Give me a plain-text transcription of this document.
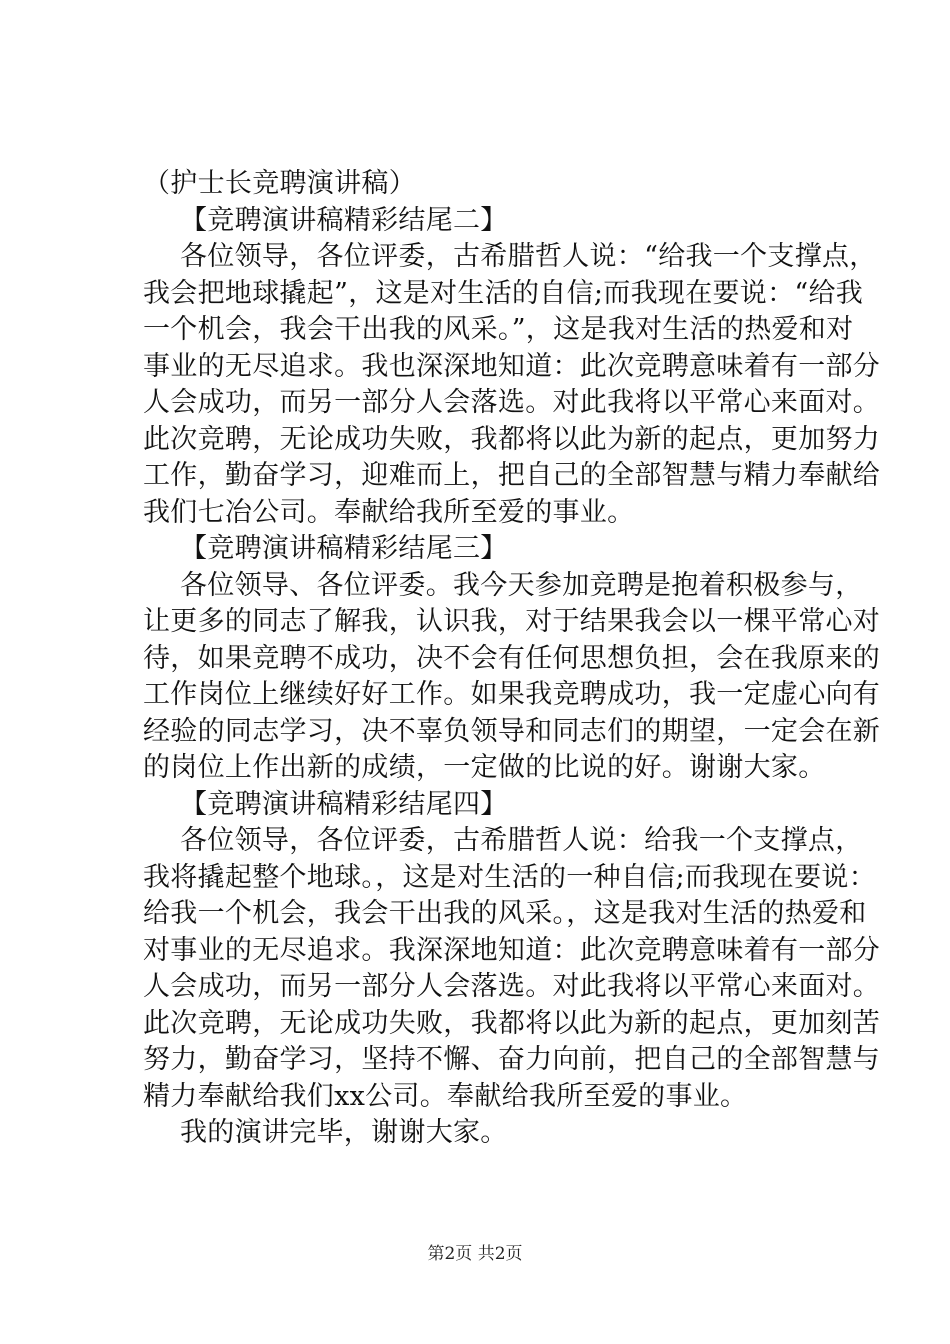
（护士长竞聘演讲稿）
【竞聘演讲稿精彩结尾二】
各位领导，各位评委，古希腊哲人说：“给我一个支撑点，
我会把地球撬起”，这是对生活的自信;而我现在要说：“给我
一个机会，我会干出我的风采。”，这是我对生活的热爱和对
事业的无尽追求。我也深深地知道：此次竞聘意味着有一部分
人会成功，而另一部分人会落选。对此我将以平常心来面对。
此次竞聘，无论成功失败，我都将以此为新的起点，更加努力
工作，勤奋学习，迎难而上，把自己的全部智慧与精力奉献给
我们七冶公司。奉献给我所至爱的事业。
【竞聘演讲稿精彩结尾三】
各位领导、各位评委。我今天参加竞聘是抱着积极参与，
让更多的同志了解我，认识我，对于结果我会以一棵平常心对
待，如果竞聘不成功，决不会有任何思想负担，会在我原来的
工作岗位上继续好好工作。如果我竞聘成功，我一定虚心向有
经验的同志学习，决不辜负领导和同志们的期望，一定会在新
的岗位上作出新的成绩，一定做的比说的好。谢谢大家。
【竞聘演讲稿精彩结尾四】
各位领导，各位评委，古希腊哲人说：给我一个支撑点，
我将撬起整个地球。，这是对生活的一种自信;而我现在要说：
给我一个机会，我会干出我的风采。，这是我对生活的热爱和
对事业的无尽追求。我深深地知道：此次竞聘意味着有一部分
人会成功，而另一部分人会落选。对此我将以平常心来面对。
此次竞聘，无论成功失败，我都将以此为新的起点，更加刻苦
努力，勤奋学习，坚持不懈、奋力向前，把自己的全部智慧与
精力奉献给我们xx公司。奉献给我所至爱的事业。
我的演讲完毕，谢谢大家。
第2页 共2页
